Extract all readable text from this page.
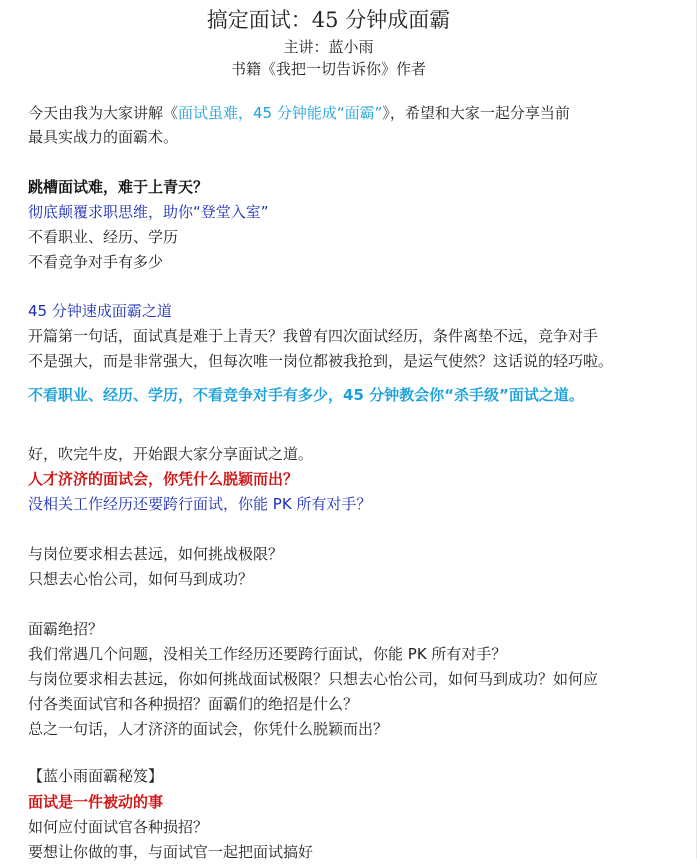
搞定面试：45 分钟成面霸
主讲：蓝小雨
书籍《我把一切告诉你》作者
今天由我为大家讲解《面试虽难，45 分钟能成“面霸”》，希望和大家一起分享当前
最具实战力的面霸术。
跳槽面试难，难于上青天？
彻底颠覆求职思维，助你“登堂入室”
不看职业、经历、学历
不看竞争对手有多少
45 分钟速成面霸之道
开篇第一句话，面试真是难于上青天？我曾有四次面试经历，条件离垫不远，竞争对手
不是强大，而是非常强大，但每次唯一岗位都被我抢到，是运气使然？这话说的轻巧啦。
不看职业、经历、学历，不看竞争对手有多少，45 分钟教会你“杀手级”面试之道。
好，吹完牛皮，开始跟大家分享面试之道。
人才济济的面试会，你凭什么脱颖而出？
没相关工作经历还要跨行面试，你能 PK 所有对手？
与岗位要求相去甚远，如何挑战极限？
只想去心怡公司，如何马到成功？
面霸绝招？
我们常遇几个问题，没相关工作经历还要跨行面试，你能 PK 所有对手？
与岗位要求相去甚远，你如何挑战面试极限？只想去心怡公司，如何马到成功？如何应
付各类面试官和各种损招？面霸们的绝招是什么？
总之一句话，人才济济的面试会，你凭什么脱颖而出？
【蓝小雨面霸秘笈】
面试是一件被动的事
如何应付面试官各种损招？
要想让你做的事，与面试官一起把面试搞好
